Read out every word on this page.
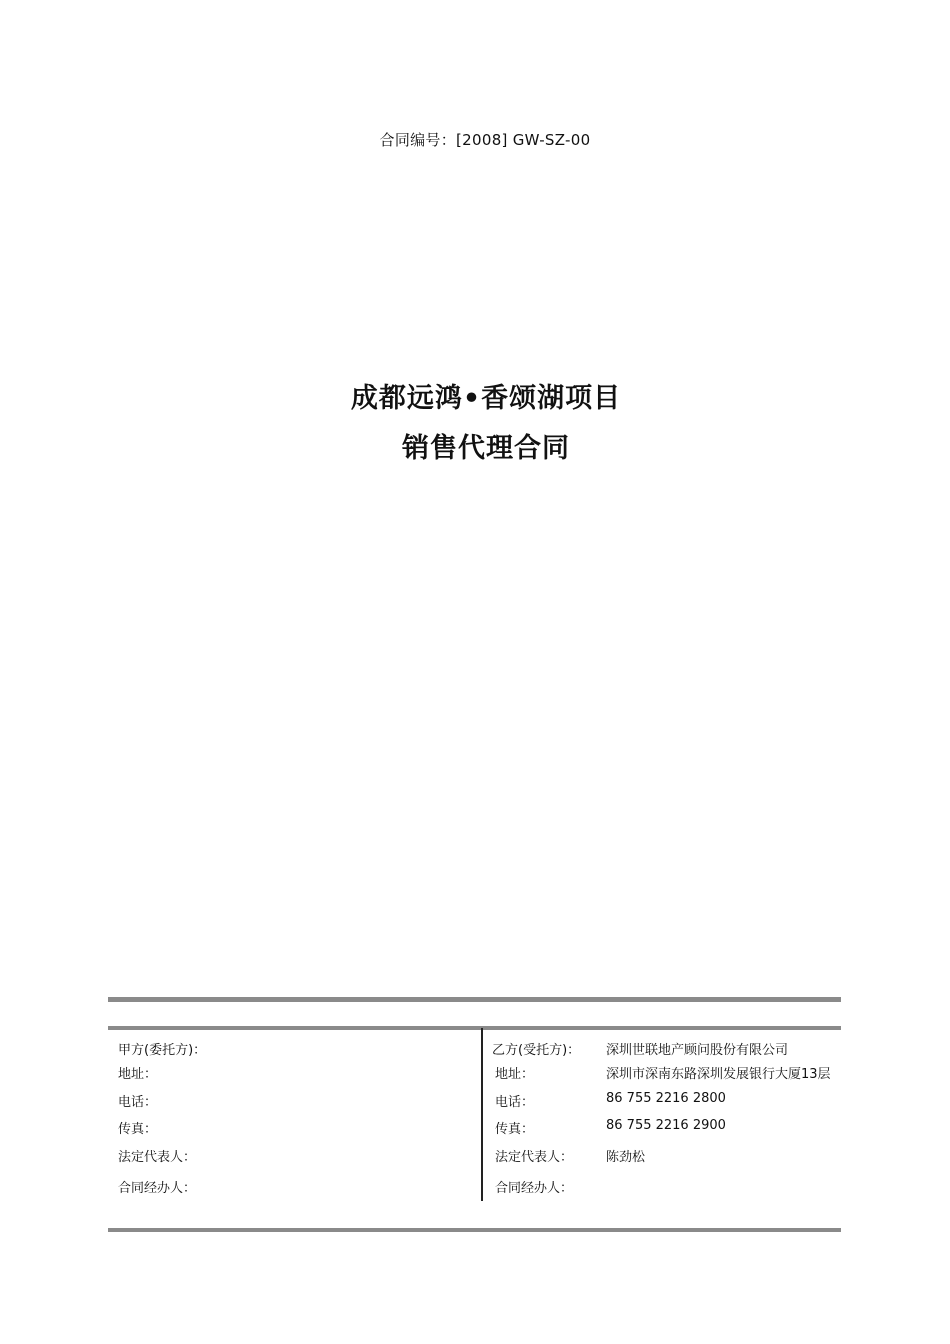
合同编号：[2008] GW-SZ-00
成都远鸿•香颂湖项目
销售代理合同
甲方(委托方)：
地址：
电话：
传真：
法定代表人：
合同经办人：
乙方(受托方)：
地址：
电话：
传真：
法定代表人：
合同经办人：
深圳世联地产顾问股份有限公司
深圳市深南东路深圳发展银行大厦13层
86 755 2216 2800
86 755 2216 2900
陈劲松
